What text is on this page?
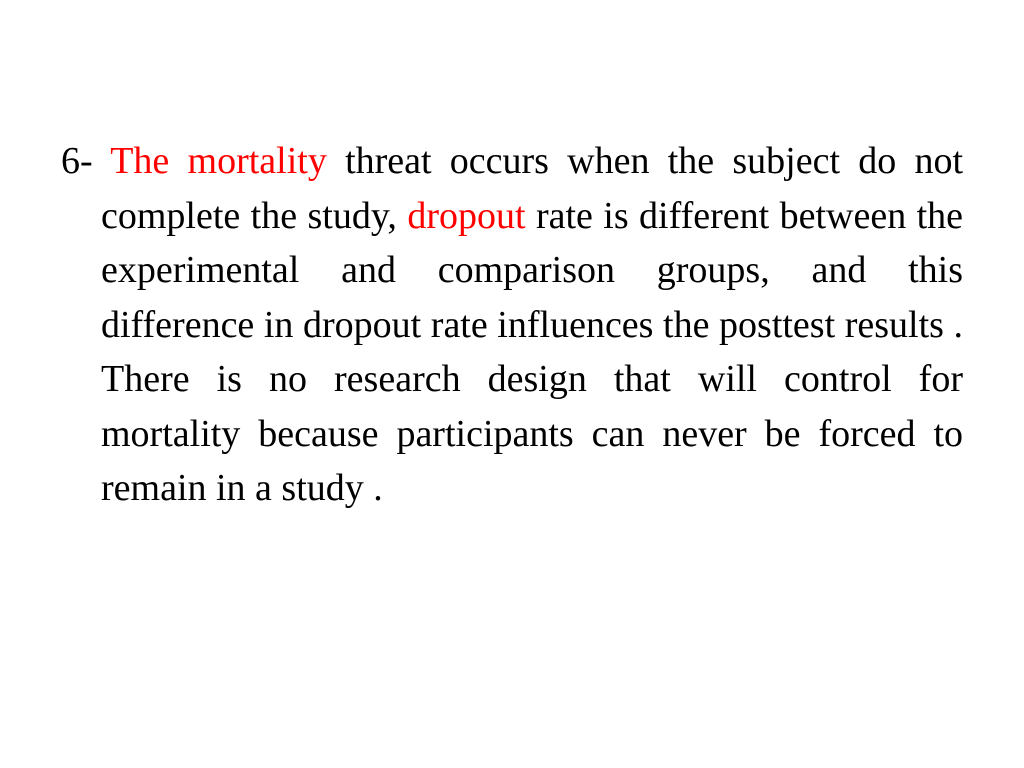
6- The mortality threat occurs when the subject do not complete the study, dropout rate is different between the experimental and comparison groups, and this difference in dropout rate influences the posttest results . There is no research design that will control for mortality because participants can never be forced to remain in a study .
